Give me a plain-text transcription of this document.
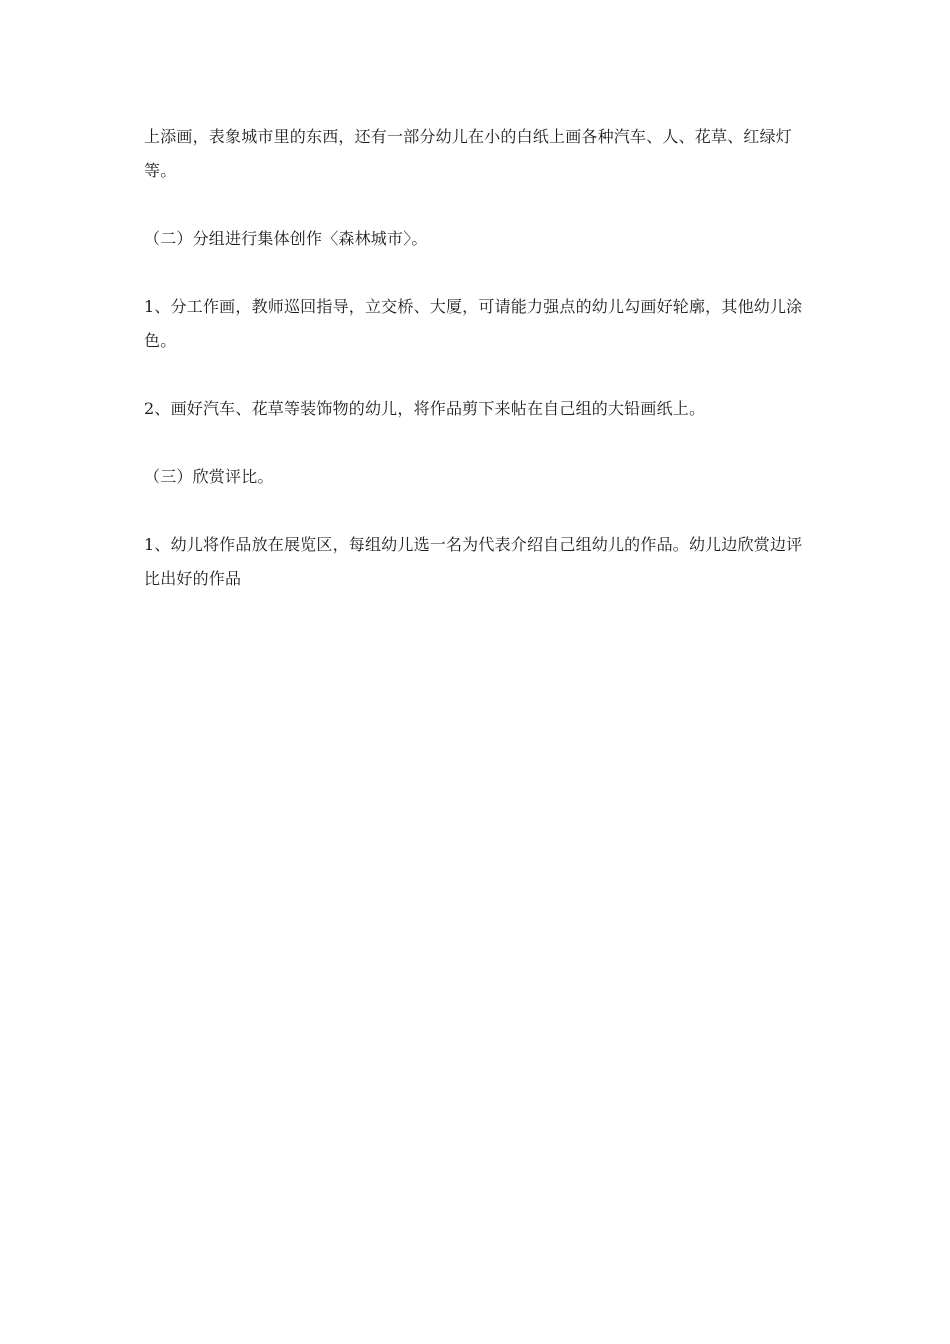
上添画，表象城市里的东西，还有一部分幼儿在小的白纸上画各种汽车、人、花草、红绿灯等。

（二）分组进行集体创作〈森林城市〉。

1、分工作画，教师巡回指导，立交桥、大厦，可请能力强点的幼儿勾画好轮廓，其他幼儿涂色。

2、画好汽车、花草等装饰物的幼儿，将作品剪下来帖在自己组的大铅画纸上。

（三）欣赏评比。

1、幼儿将作品放在展览区，每组幼儿选一名为代表介绍自己组幼儿的作品。幼儿边欣赏边评比出好的作品
